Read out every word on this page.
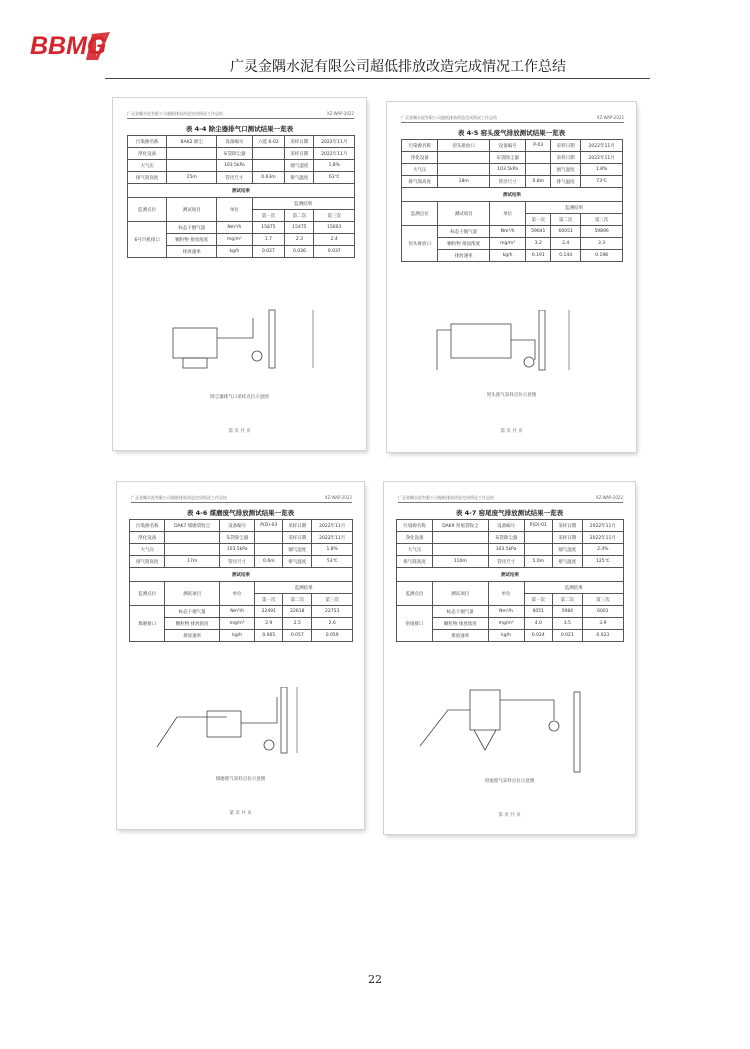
BBMG
广灵金隅水泥有限公司超低排放改造完成情况工作总结
广灵金隅水泥有限公司超低排放改造完成情况工作总结	XZ-WAP-2022
表 4-4 除尘器排气口测试结果一览表
污染源名称	BAK2 除尘	设备编号	六选 6-02	采样日期	2022年11月
净化设备		布袋除尘器		采样日期	2022年11月
大气压		103.5kPa		烟气湿度	1.8%
排气筒高度	25m	管径尺寸	0.63m	排气温度	63℃
测试结果					
监测点位	测试项目	单位	监测结果		
			第一次	第二次	第三次
6号汽机排口	标态干烟气量	Nm³/h	15875	15475	15603
	颗粒物 排放浓度	mg/m³	1.7	2.3	2.4
	排放速率	kg/h	0.027	0.036	0.037
除尘器排气口采样点位示意图
第 页 共 页
广灵金隅水泥有限公司超低排放改造完成情况工作总结	XZ-WAP-2022
表 4-5 窑头废气排放测试结果一览表
污染源名称	窑头排放口	设备编号	P-03	采样日期	2022年11月
净化设备		布袋除尘器		采样日期	2022年11月
大气压		103.5kPa		烟气湿度	1.8%
排气筒高度	18m	管径尺寸	0.8m	排气温度	73℃
测试结果					
监测点位	测试项目	单位	监测结果		
			第一次	第二次	第三次
窑头排放口	标态干烟气量	Nm³/h	59641	60051	59896
	颗粒物 排放浓度	mg/m³	3.2	2.4	3.3
	排放速率	kg/h	0.191	0.144	0.198
窑头废气采样点位示意图
第 页 共 页
广灵金隅水泥有限公司超低排放改造完成情况工作总结	XZ-WAP-2022
表 4-6 煤磨废气排放测试结果一览表
污染源名称	DAK7 煤磨袋收尘	设备编号	P(D)-03	采样日期	2022年11月
净化设备		布袋除尘器		采样日期	2022年11月
大气压		103.5kPa		烟气湿度	1.8%
排气筒高度	17m	管径尺寸	0.6m	排气温度	53℃
测试结果					
监测点位	测试项目	单位	监测结果		
			第一次	第二次	第三次
煤磨排口	标态干烟气量	Nm³/h	22491	22618	22753
	颗粒物 排放浓度	mg/m³	2.9	2.5	2.6
	排放速率	kg/h	0.065	0.057	0.059
煤磨废气采样点位示意图
第 页 共 页
广灵金隅水泥有限公司超低排放改造完成情况工作总结	XZ-WAP-2022
表 4-7 窑尾废气排放测试结果一览表
污染源名称	DAK9 窑尾袋收尘	设备编号	P(D)-01	采样日期	2022年11月
净化设备		布袋除尘器		采样日期	2022年11月
大气压		103.5kPa		烟气湿度	2.4%
排气筒高度	110m	管径尺寸	5.0m	排气温度	125℃
测试结果					
监测点位	测试项目	单位	监测结果		
			第一次	第二次	第三次
窑尾排口	标态干烟气量	Nm³/h	6051	5984	6001
	颗粒物 排放浓度	mg/m³	4.0	3.5	3.9
	排放速率	kg/h	0.024	0.021	0.023
窑尾废气采样点位示意图
第 页 共 页
22
